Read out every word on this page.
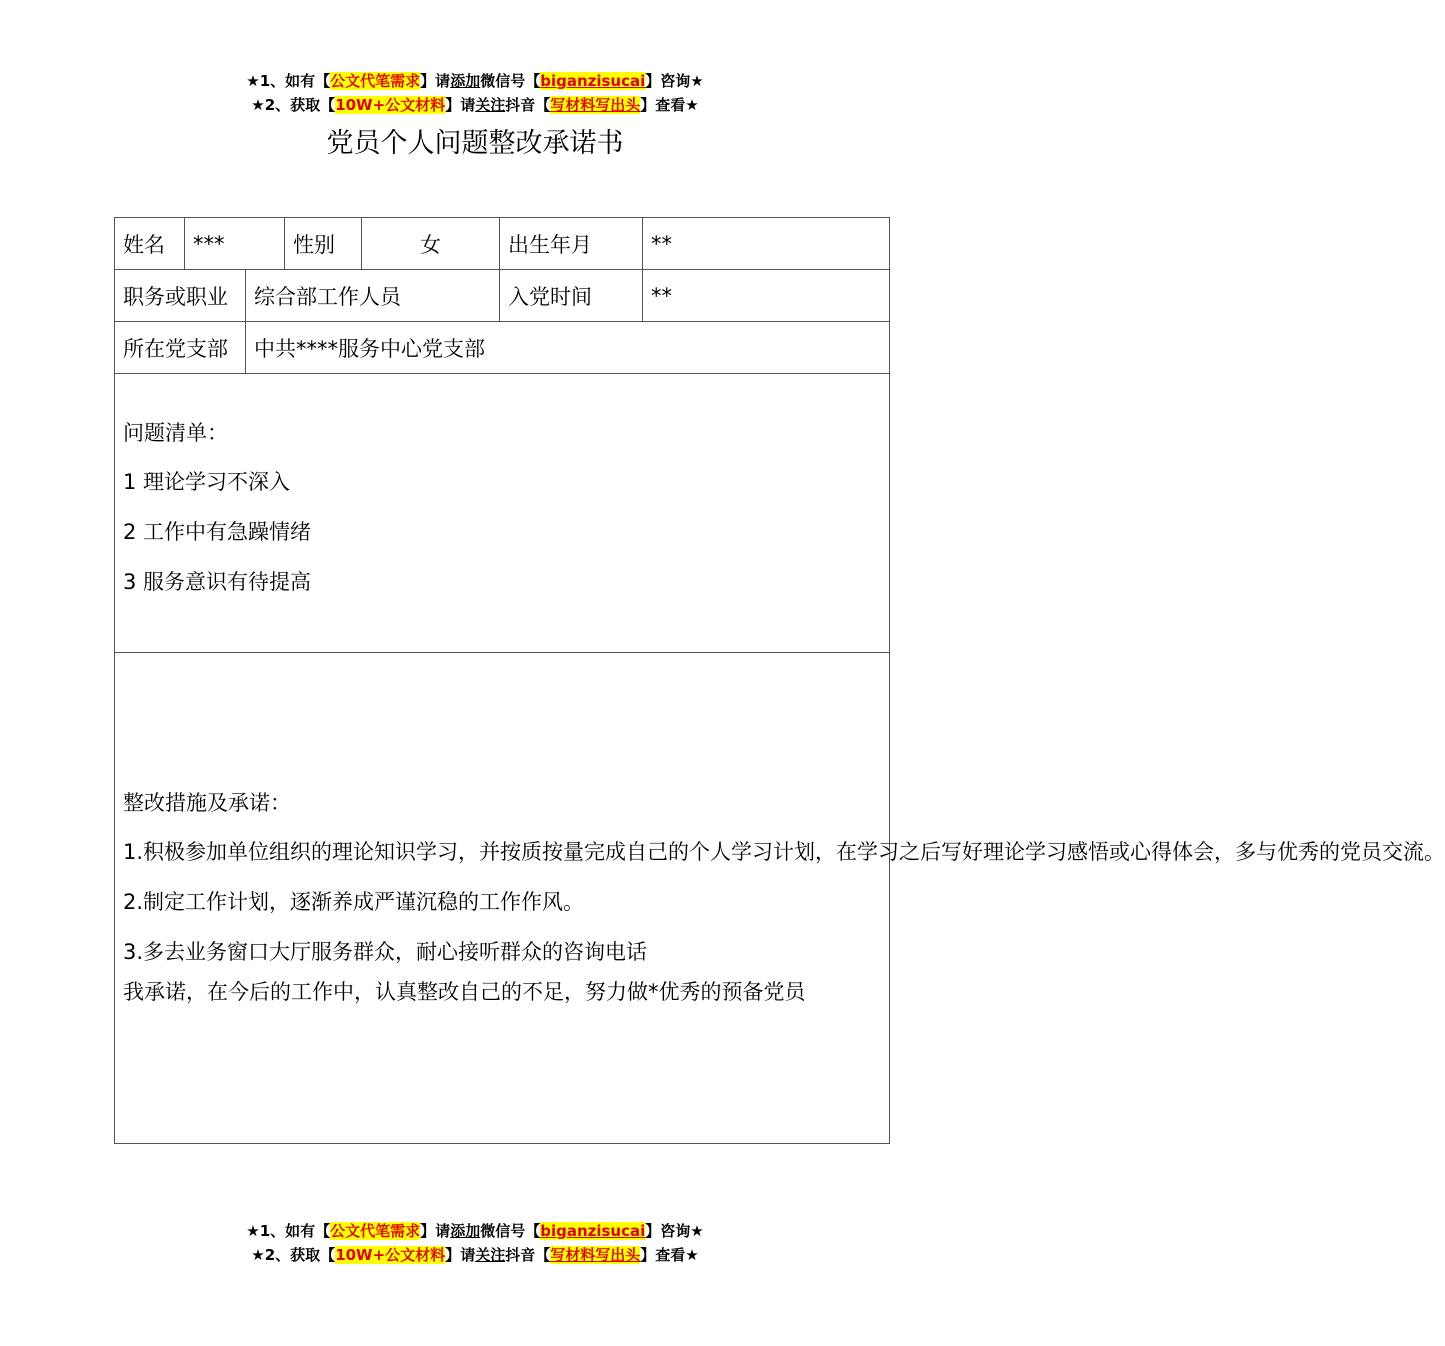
★1、如有【公文代笔需求】请添加微信号【biganzisucai】咨询★
★2、获取【10W+公文材料】请关注抖音【写材料写出头】查看★
党员个人问题整改承诺书
姓名	***		性别	女	出生年月	**
职务或职业		综合部工作人员			入党时间	**
所在党支部		中共****服务中心党支部				

问题清单：
1 理论学习不深入
2 工作中有急躁情绪
3 服务意识有待提高						

整改措施及承诺：
1.积极参加单位组织的理论知识学习，并按质按量完成自己的个人学习计划，在学习之后写好理论学习感悟或心得体会，多与优秀的党员交流。
2.制定工作计划，逐渐养成严谨沉稳的工作作风。
3.多去业务窗口大厅服务群众，耐心接听群众的咨询电话
我承诺，在今后的工作中，认真整改自己的不足，努力做*优秀的预备党员						
★1、如有【公文代笔需求】请添加微信号【biganzisucai】咨询★
★2、获取【10W+公文材料】请关注抖音【写材料写出头】查看★
